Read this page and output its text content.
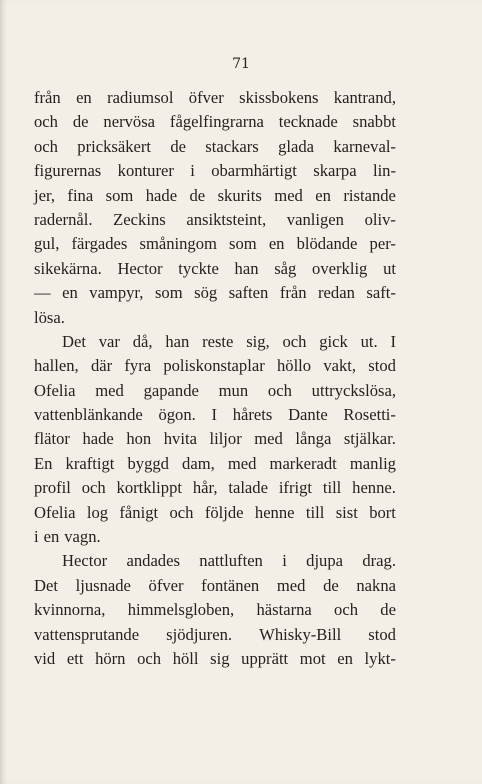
71
från en radiumsol öfver skissbokens kantrand,
och de nervösa fågelfingrarna tecknade snabbt
och pricksäkert de stackars glada karneval-
figurernas konturer i obarmhärtigt skarpa lin-
jer, fina som hade de skurits med en ristande
radernål. Zeckins ansiktsteint, vanligen oliv-
gul, färgades småningom som en blödande per-
sikekärna. Hector tyckte han såg overklig ut
— en vampyr, som sög saften från redan saft-
lösa.
Det var då, han reste sig, och gick ut. I
hallen, där fyra poliskonstaplar höllo vakt, stod
Ofelia med gapande mun och uttryckslösa,
vattenblänkande ögon. I hårets Dante Rosetti-
flätor hade hon hvita liljor med långa stjälkar.
En kraftigt byggd dam, med markeradt manlig
profil och kortklippt hår, talade ifrigt till henne.
Ofelia log fånigt och följde henne till sist bort
i en vagn.
Hector andades nattluften i djupa drag.
Det ljusnade öfver fontänen med de nakna
kvinnorna, himmelsgloben, hästarna och de
vattensprutande sjödjuren. Whisky-Bill stod
vid ett hörn och höll sig upprätt mot en lykt-
